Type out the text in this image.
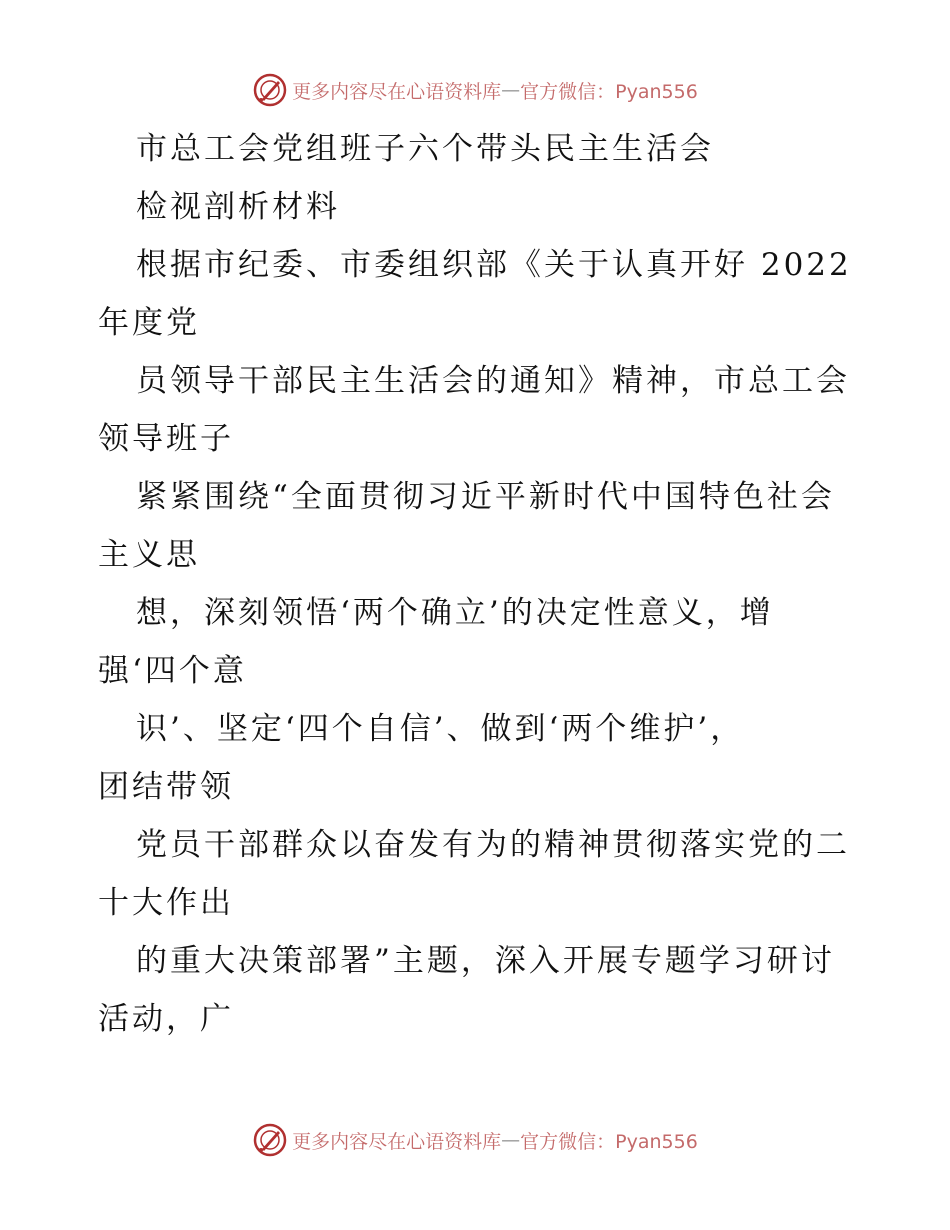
更多内容尽在心语资料库 — 官方微信：Pyan556
市总工会党组班子六个带头民主生活会
检视剖析材料
根据市纪委、市委组织部《关于认真开好 2022
年度党
员领导干部民主生活会的通知》精神，市总工会
领导班子
紧紧围绕“全面贯彻习近平新时代中国特色社会
主义思
想，深刻领悟‘两个确立’的决定性意义，增
强‘四个意
识’、坚定‘四个自信’、做到‘两个维护’，
团结带领
党员干部群众以奋发有为的精神贯彻落实党的二
十大作出
的重大决策部署”主题，深入开展专题学习研讨
活动，广
更多内容尽在心语资料库 — 官方微信：Pyan556
